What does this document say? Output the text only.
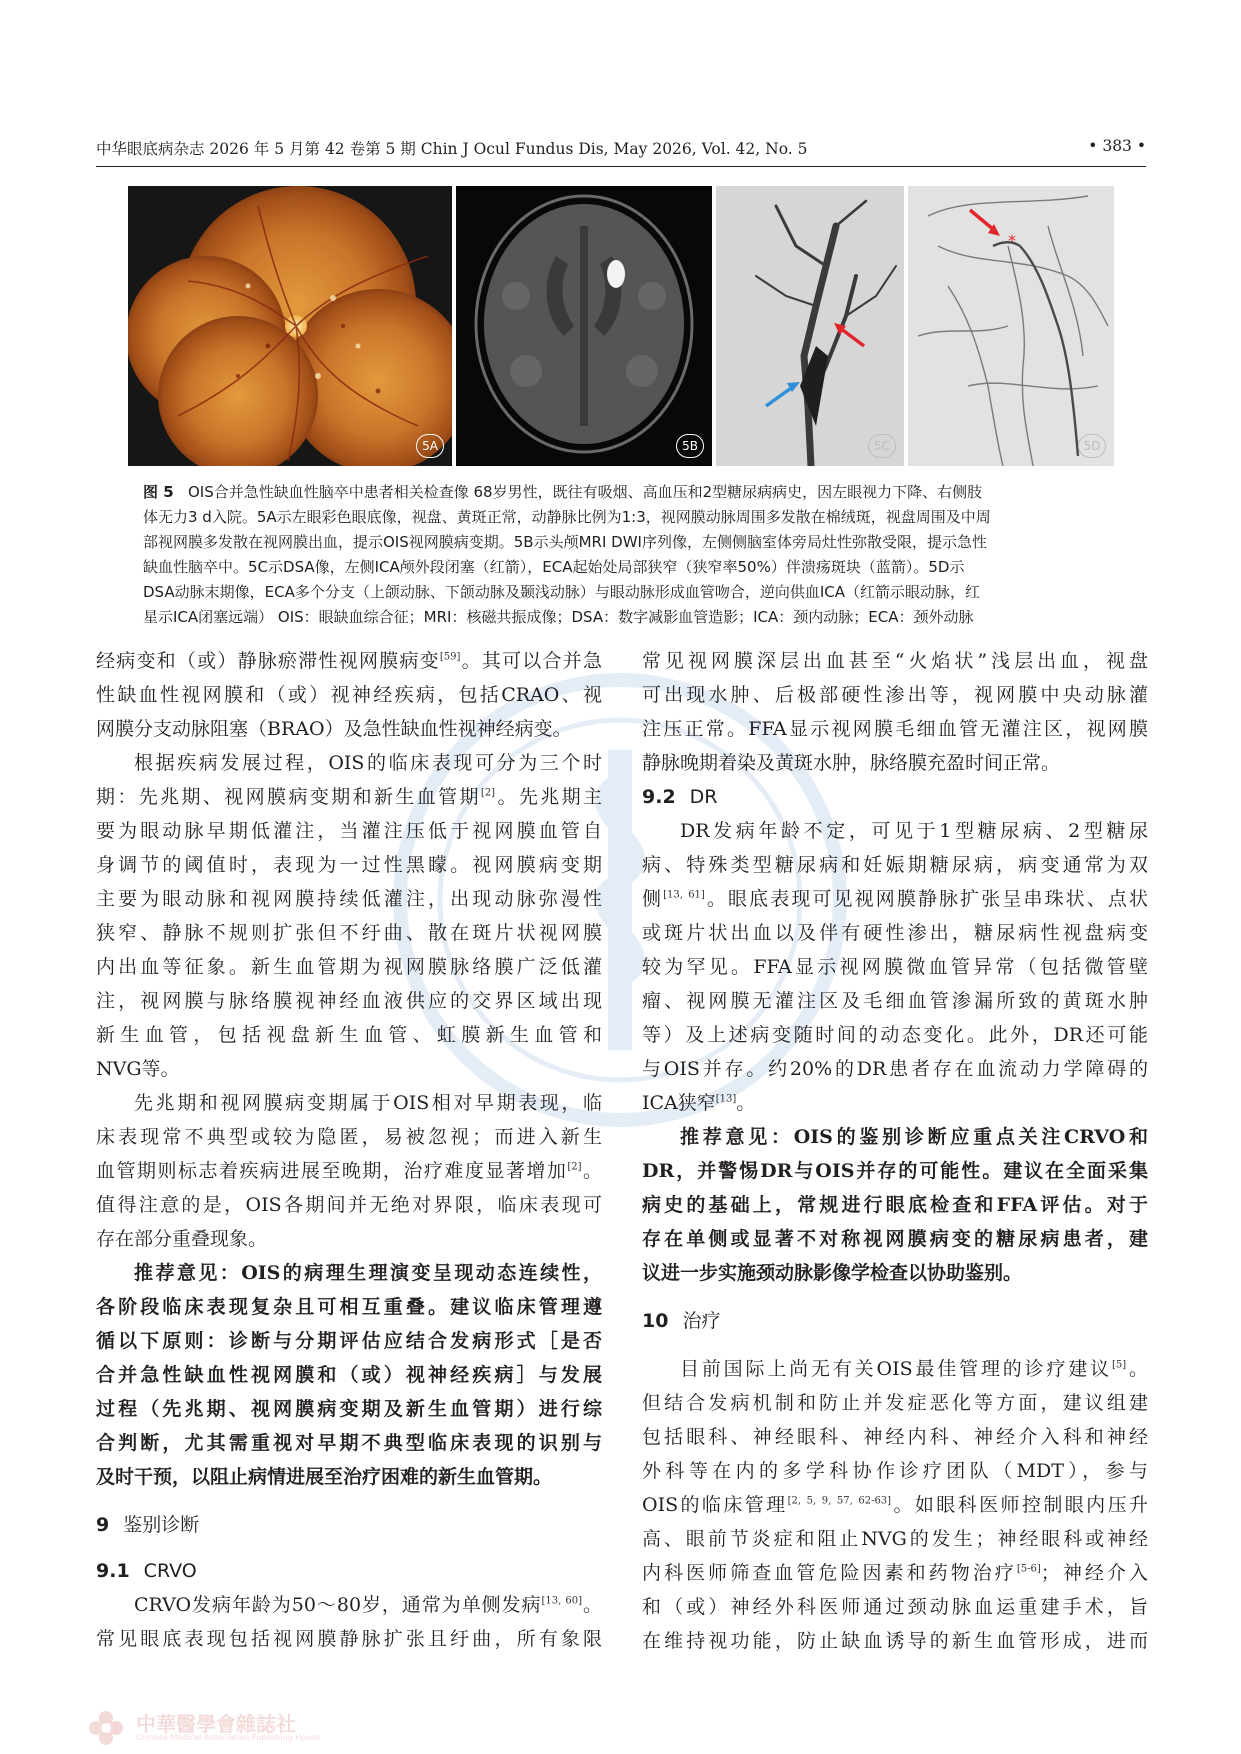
中华眼底病杂志 2026 年 5 月第 42 卷第 5 期 Chin J Ocul Fundus Dis, May 2026, Vol. 42, No. 5	• 383 •
5A	5B	5C
*
5D
图 5 OIS合并急性缺血性脑卒中患者相关检查像 68岁男性，既往有吸烟、高血压和2型糖尿病病史，因左眼视力下降、右侧肢
体无力3 d入院。5A示左眼彩色眼底像，视盘、黄斑正常，动静脉比例为1:3，视网膜动脉周围多发散在棉绒斑，视盘周围及中周
部视网膜多发散在视网膜出血，提示OIS视网膜病变期。5B示头颅MRI DWI序列像，左侧侧脑室体旁局灶性弥散受限，提示急性
缺血性脑卒中。5C示DSA像，左侧ICA颅外段闭塞（红箭），ECA起始处局部狭窄（狭窄率50%）伴溃疡斑块（蓝箭）。5D示
DSA动脉末期像，ECA多个分支（上颌动脉、下颌动脉及颞浅动脉）与眼动脉形成血管吻合，逆向供血ICA（红箭示眼动脉，红
星示ICA闭塞远端） OIS：眼缺血综合征；MRI：核磁共振成像；DSA：数字减影血管造影；ICA：颈内动脉；ECA：颈外动脉
经病变和（或）静脉瘀滞性视网膜病变[59]。其可以合并急
性缺血性视网膜和（或）视神经疾病，包括CRAO、视
网膜分支动脉阻塞（BRAO）及急性缺血性视神经病变。
根据疾病发展过程，OIS的临床表现可分为三个时
期：先兆期、视网膜病变期和新生血管期[2]。先兆期主
要为眼动脉早期低灌注，当灌注压低于视网膜血管自
身调节的阈值时，表现为一过性黑矇。视网膜病变期
主要为眼动脉和视网膜持续低灌注，出现动脉弥漫性
狭窄、静脉不规则扩张但不纡曲、散在斑片状视网膜
内出血等征象。新生血管期为视网膜脉络膜广泛低灌
注，视网膜与脉络膜视神经血液供应的交界区域出现
新生血管，包括视盘新生血管、虹膜新生血管和
NVG等。
先兆期和视网膜病变期属于OIS相对早期表现，临
床表现常不典型或较为隐匿，易被忽视；而进入新生
血管期则标志着疾病进展至晚期，治疗难度显著增加[2]。
值得注意的是，OIS各期间并无绝对界限，临床表现可
存在部分重叠现象。
推荐意见：OIS的病理生理演变呈现动态连续性，
各阶段临床表现复杂且可相互重叠。建议临床管理遵
循以下原则：诊断与分期评估应结合发病形式［是否
合并急性缺血性视网膜和（或）视神经疾病］与发展
过程（先兆期、视网膜病变期及新生血管期）进行综
合判断，尤其需重视对早期不典型临床表现的识别与
及时干预，以阻止病情进展至治疗困难的新生血管期。
9 鉴别诊断
9.1 CRVO
CRVO发病年龄为50～80岁，通常为单侧发病[13, 60]。
常见眼底表现包括视网膜静脉扩张且纡曲，所有象限
常见视网膜深层出血甚至“火焰状”浅层出血，视盘
可出现水肿、后极部硬性渗出等，视网膜中央动脉灌
注压正常。FFA显示视网膜毛细血管无灌注区，视网膜
静脉晚期着染及黄斑水肿，脉络膜充盈时间正常。
9.2 DR
DR发病年龄不定，可见于1型糖尿病、2型糖尿
病、特殊类型糖尿病和妊娠期糖尿病，病变通常为双
侧[13, 61]。眼底表现可见视网膜静脉扩张呈串珠状、点状
或斑片状出血以及伴有硬性渗出，糖尿病性视盘病变
较为罕见。FFA显示视网膜微血管异常（包括微管壁
瘤、视网膜无灌注区及毛细血管渗漏所致的黄斑水肿
等）及上述病变随时间的动态变化。此外，DR还可能
与OIS并存。约20%的DR患者存在血流动力学障碍的
ICA狭窄[13]。
推荐意见：OIS的鉴别诊断应重点关注CRVO和
DR，并警惕DR与OIS并存的可能性。建议在全面采集
病史的基础上，常规进行眼底检查和FFA评估。对于
存在单侧或显著不对称视网膜病变的糖尿病患者，建
议进一步实施颈动脉影像学检查以协助鉴别。
10 治疗
目前国际上尚无有关OIS最佳管理的诊疗建议[5]。
但结合发病机制和防止并发症恶化等方面，建议组建
包括眼科、神经眼科、神经内科、神经介入科和神经
外科等在内的多学科协作诊疗团队（MDT），参与
OIS的临床管理[2, 5, 9, 57, 62-63]。如眼科医师控制眼内压升
高、眼前节炎症和阻止NVG的发生；神经眼科或神经
内科医师筛查血管危险因素和药物治疗[5-6]；神经介入
和（或）神经外科医师通过颈动脉血运重建手术，旨
在维持视功能，防止缺血诱导的新生血管形成，进而
中華醫學會雜誌社
Chinese Medical Association Publishing House
